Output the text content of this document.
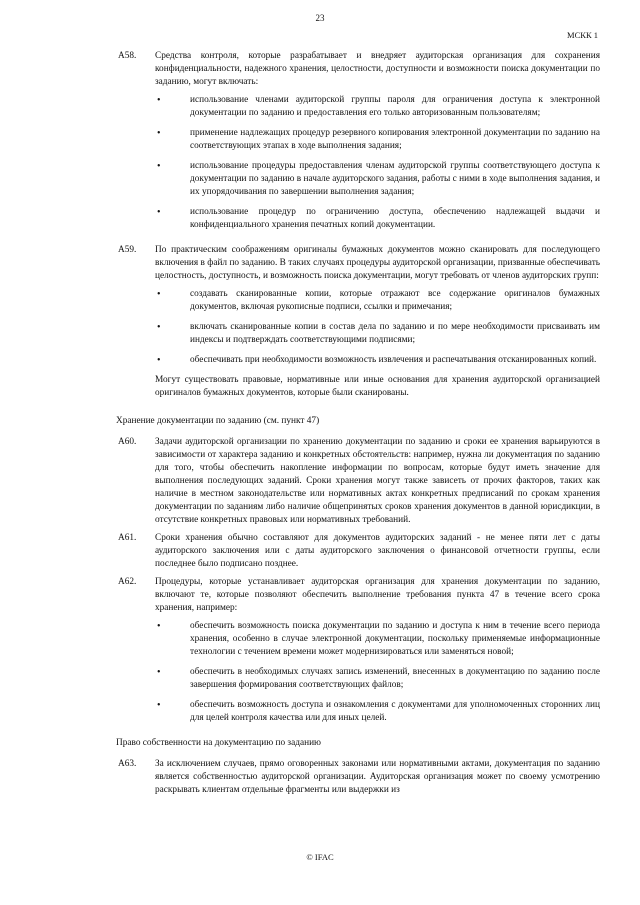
23
МСКК 1
A58.	Средства контроля, которые разрабатывает и внедряет аудиторская организация для сохранения конфиденциальности, надежного хранения, целостности, доступности и возможности поиска документации по заданию, могут включать:
•	использование членами аудиторской группы пароля для ограничения доступа к электронной документации по заданию и предоставления его только авторизованным пользователям;
•	применение надлежащих процедур резервного копирования электронной документации по заданию на соответствующих этапах в ходе выполнения задания;
•	использование процедуры предоставления членам аудиторской группы соответствующего доступа к документации по заданию в начале аудиторского задания, работы с ними в ходе выполнения задания, и их упорядочивания по завершении выполнения задания;
•	использование процедур по ограничению доступа, обеспечению надлежащей выдачи и конфиденциального хранения печатных копий документации.
A59.	По практическим соображениям оригиналы бумажных документов можно сканировать для последующего включения в файл по заданию. В таких случаях процедуры аудиторской организации, призванные обеспечивать целостность, доступность, и возможность поиска документации, могут требовать от членов аудиторских групп:
•	создавать сканированные копии, которые отражают все содержание оригиналов бумажных документов, включая рукописные подписи, ссылки и примечания;
•	включать сканированные копии в состав дела по заданию и по мере необходимости присваивать им индексы и подтверждать соответствующими подписями;
•	обеспечивать при необходимости возможность извлечения и распечатывания отсканированных копий.
Могут существовать правовые, нормативные или иные основания для хранения аудиторской организацией оригиналов бумажных документов, которые были сканированы.
Хранение документации по заданию (см. пункт 47)
A60.	Задачи аудиторской организации по хранению документации по заданию и сроки ее хранения варьируются в зависимости от характера заданию и конкретных обстоятельств: например, нужна ли документация по заданию для того, чтобы обеспечить накопление информации по вопросам, которые будут иметь значение для выполнения последующих заданий. Сроки хранения могут также зависеть от прочих факторов, таких как наличие в местном законодательстве или нормативных актах конкретных предписаний по срокам хранения документации по заданиям либо наличие общепринятых сроков хранения документов в данной юрисдикции, в отсутствие конкретных правовых или нормативных требований.
A61.	Сроки хранения обычно составляют для документов аудиторских заданий - не менее пяти лет с даты аудиторского заключения или с даты аудиторского заключения о финансовой отчетности группы, если последнее было подписано позднее.
A62.	Процедуры, которые устанавливает аудиторская организация для хранения документации по заданию, включают те, которые позволяют обеспечить выполнение требования пункта 47 в течение всего срока хранения, например:
•	обеспечить возможность поиска документации по заданию и доступа к ним в течение всего периода хранения, особенно в случае электронной документации, поскольку применяемые информационные технологии с течением времени может модернизироваться или заменяться новой;
•	обеспечить в необходимых случаях запись изменений, внесенных в документацию по заданию после завершения формирования соответствующих файлов;
•	обеспечить возможность доступа и ознакомления с документами для уполномоченных сторонних лиц для целей контроля качества или для иных целей.
Право собственности на документацию по заданию
A63.	За исключением случаев, прямо оговоренных законами или нормативными актами, документация по заданию является собственностью аудиторской организации. Аудиторская организация может по своему усмотрению раскрывать клиентам отдельные фрагменты или выдержки из
© IFAC
